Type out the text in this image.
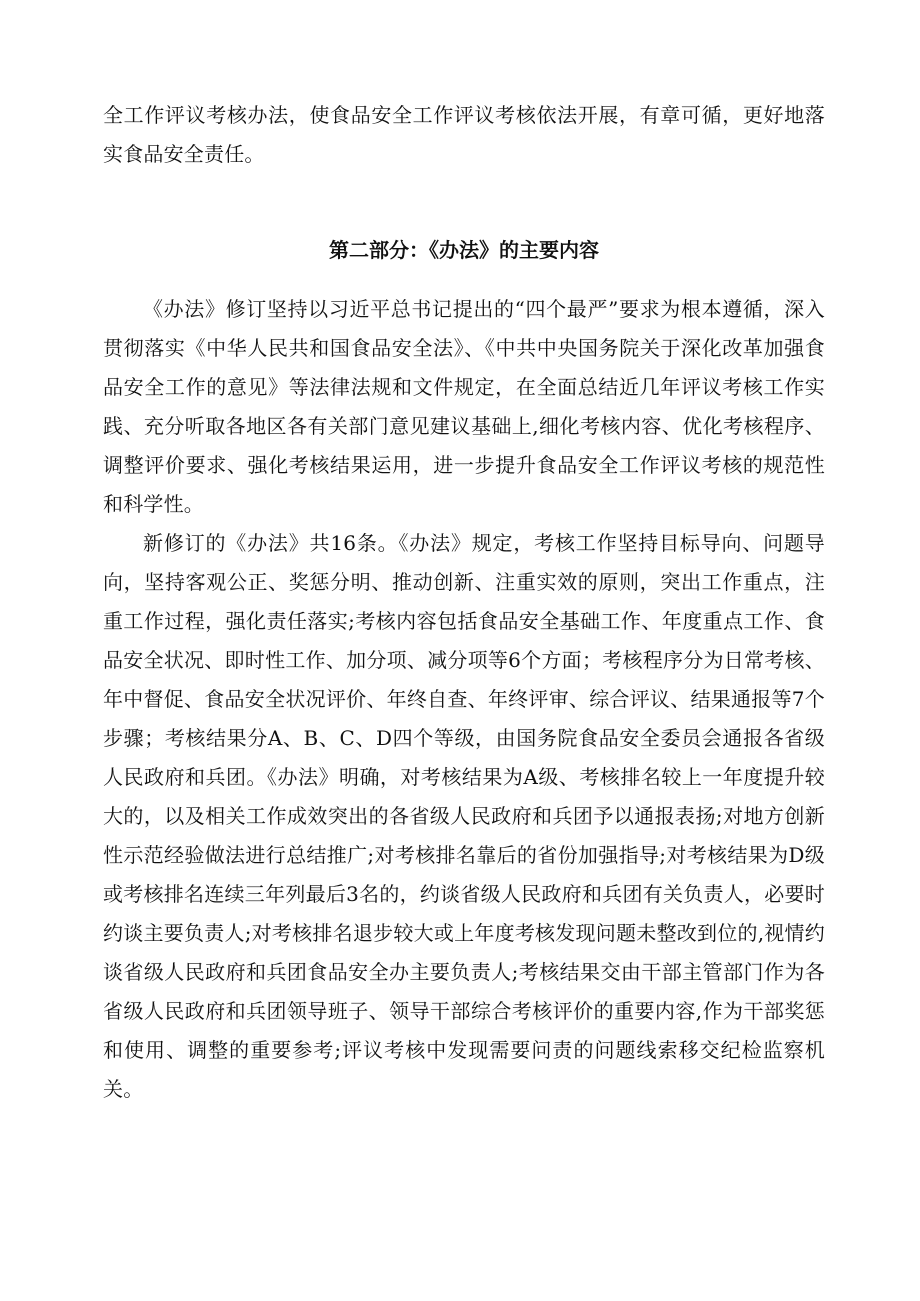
全工作评议考核办法，使食品安全工作评议考核依法开展，有章可循，更好地落实食品安全责任。

第二部分：《办法》的主要内容

《办法》修订坚持以习近平总书记提出的“四个最严”要求为根本遵循，深入贯彻落实《中华人民共和国食品安全法》、《中共中央国务院关于深化改革加强食品安全工作的意见》等法律法规和文件规定，在全面总结近几年评议考核工作实践、充分听取各地区各有关部门意见建议基础上,细化考核内容、优化考核程序、调整评价要求、强化考核结果运用，进一步提升食品安全工作评议考核的规范性和科学性。

新修订的《办法》共16条。《办法》规定，考核工作坚持目标导向、问题导向，坚持客观公正、奖惩分明、推动创新、注重实效的原则，突出工作重点，注重工作过程，强化责任落实;考核内容包括食品安全基础工作、年度重点工作、食品安全状况、即时性工作、加分项、减分项等6个方面；考核程序分为日常考核、年中督促、食品安全状况评价、年终自查、年终评审、综合评议、结果通报等7个步骤；考核结果分A、B、C、D四个等级，由国务院食品安全委员会通报各省级人民政府和兵团。《办法》明确，对考核结果为A级、考核排名较上一年度提升较大的，以及相关工作成效突出的各省级人民政府和兵团予以通报表扬;对地方创新性示范经验做法进行总结推广;对考核排名靠后的省份加强指导;对考核结果为D级或考核排名连续三年列最后3名的，约谈省级人民政府和兵团有关负责人，必要时约谈主要负责人;对考核排名退步较大或上年度考核发现问题未整改到位的,视情约谈省级人民政府和兵团食品安全办主要负责人;考核结果交由干部主管部门作为各省级人民政府和兵团领导班子、领导干部综合考核评价的重要内容,作为干部奖惩和使用、调整的重要参考;评议考核中发现需要问责的问题线索移交纪检监察机关。
